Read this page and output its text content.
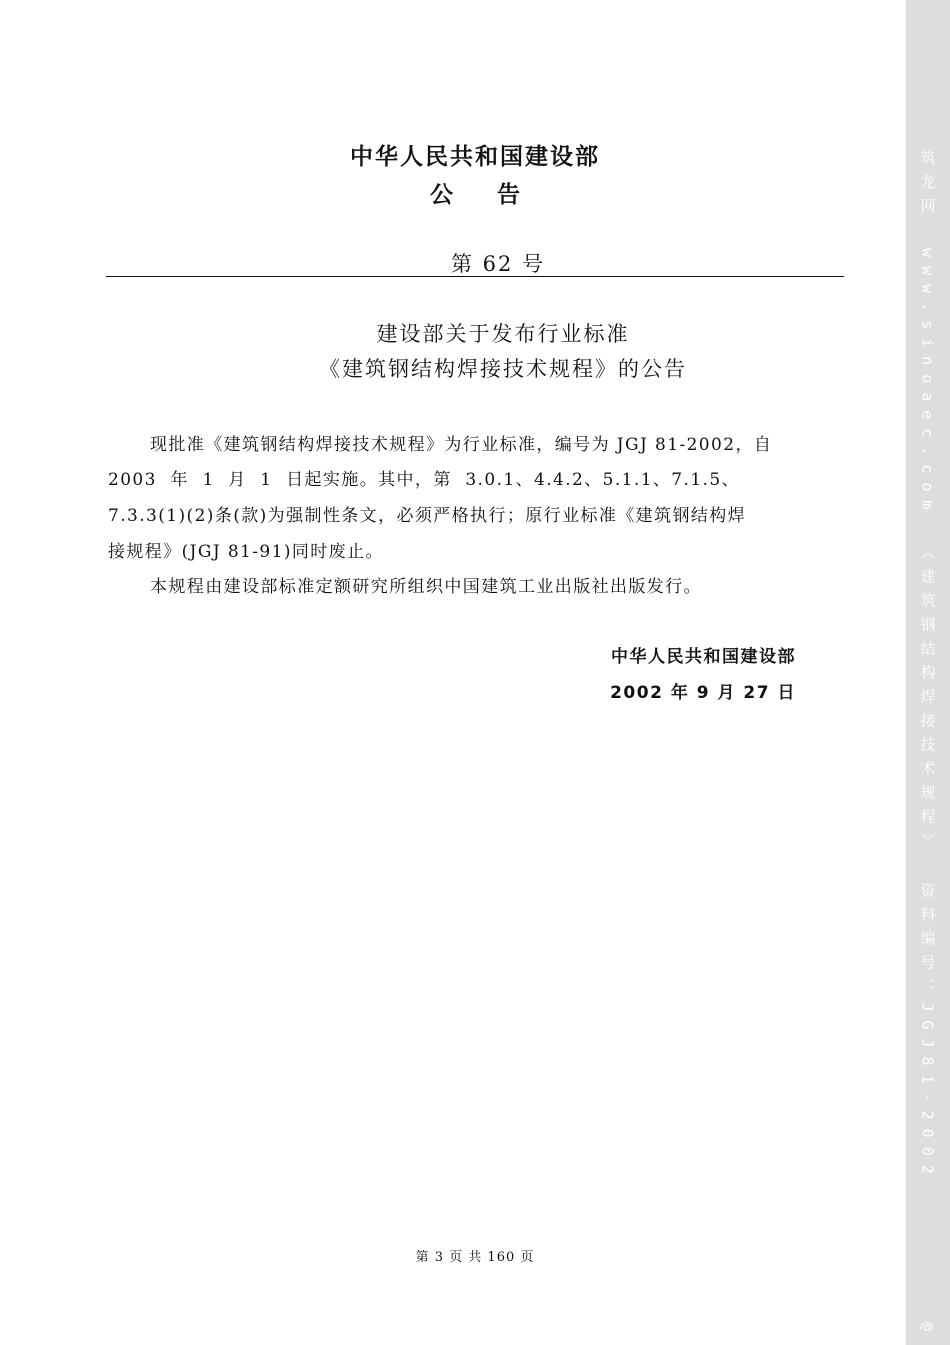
中华人民共和国建设部
公 告
第 62 号
建设部关于发布行业标准
《建筑钢结构焊接技术规程》的公告
现批准《建筑钢结构焊接技术规程》为行业标准，编号为 JGJ 81-2002，自
2003  年  1  月  1  日起实施。其中，第  3.0.1、4.4.2、5.1.1、7.1.5、
7.3.3(1)(2)条(款)为强制性条文，必须严格执行；原行业标准《建筑钢结构焊
接规程》(JGJ 81-91)同时废止。
本规程由建设部标准定额研究所组织中国建筑工业出版社出版发行。
中华人民共和国建设部
2002 年 9 月 27 日
第 3 页 共 160 页
筑龙网www.sinoaec.com《建筑钢结构焊接技术规程》资料编号：JGJ81-2002
@
